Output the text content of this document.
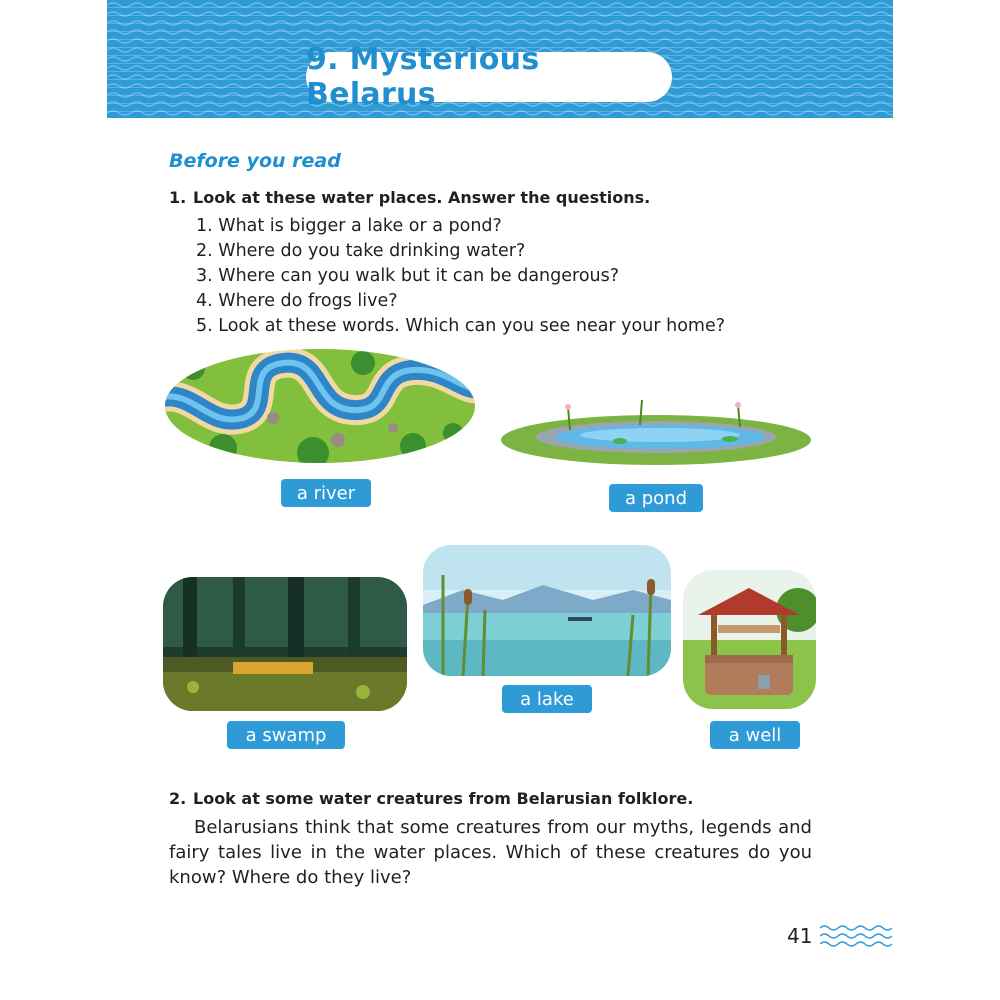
9. Mysterious Belarus
Before you read
1. Look at these water places. Answer the questions.
1. What is bigger a lake or a pond?
2. Where do you take drinking water?
3. Where can you walk but it can be dangerous?
4. Where do frogs live?
5. Look at these words. Which can you see near your home?
a river	a pond
a swamp
a lake
a well
2. Look at some water creatures from Belarusian folklore.

Belarusians think that some creatures from our myths, legends and fairy tales live in the water places. Which of these creatures do you know? Where do they live?

41
